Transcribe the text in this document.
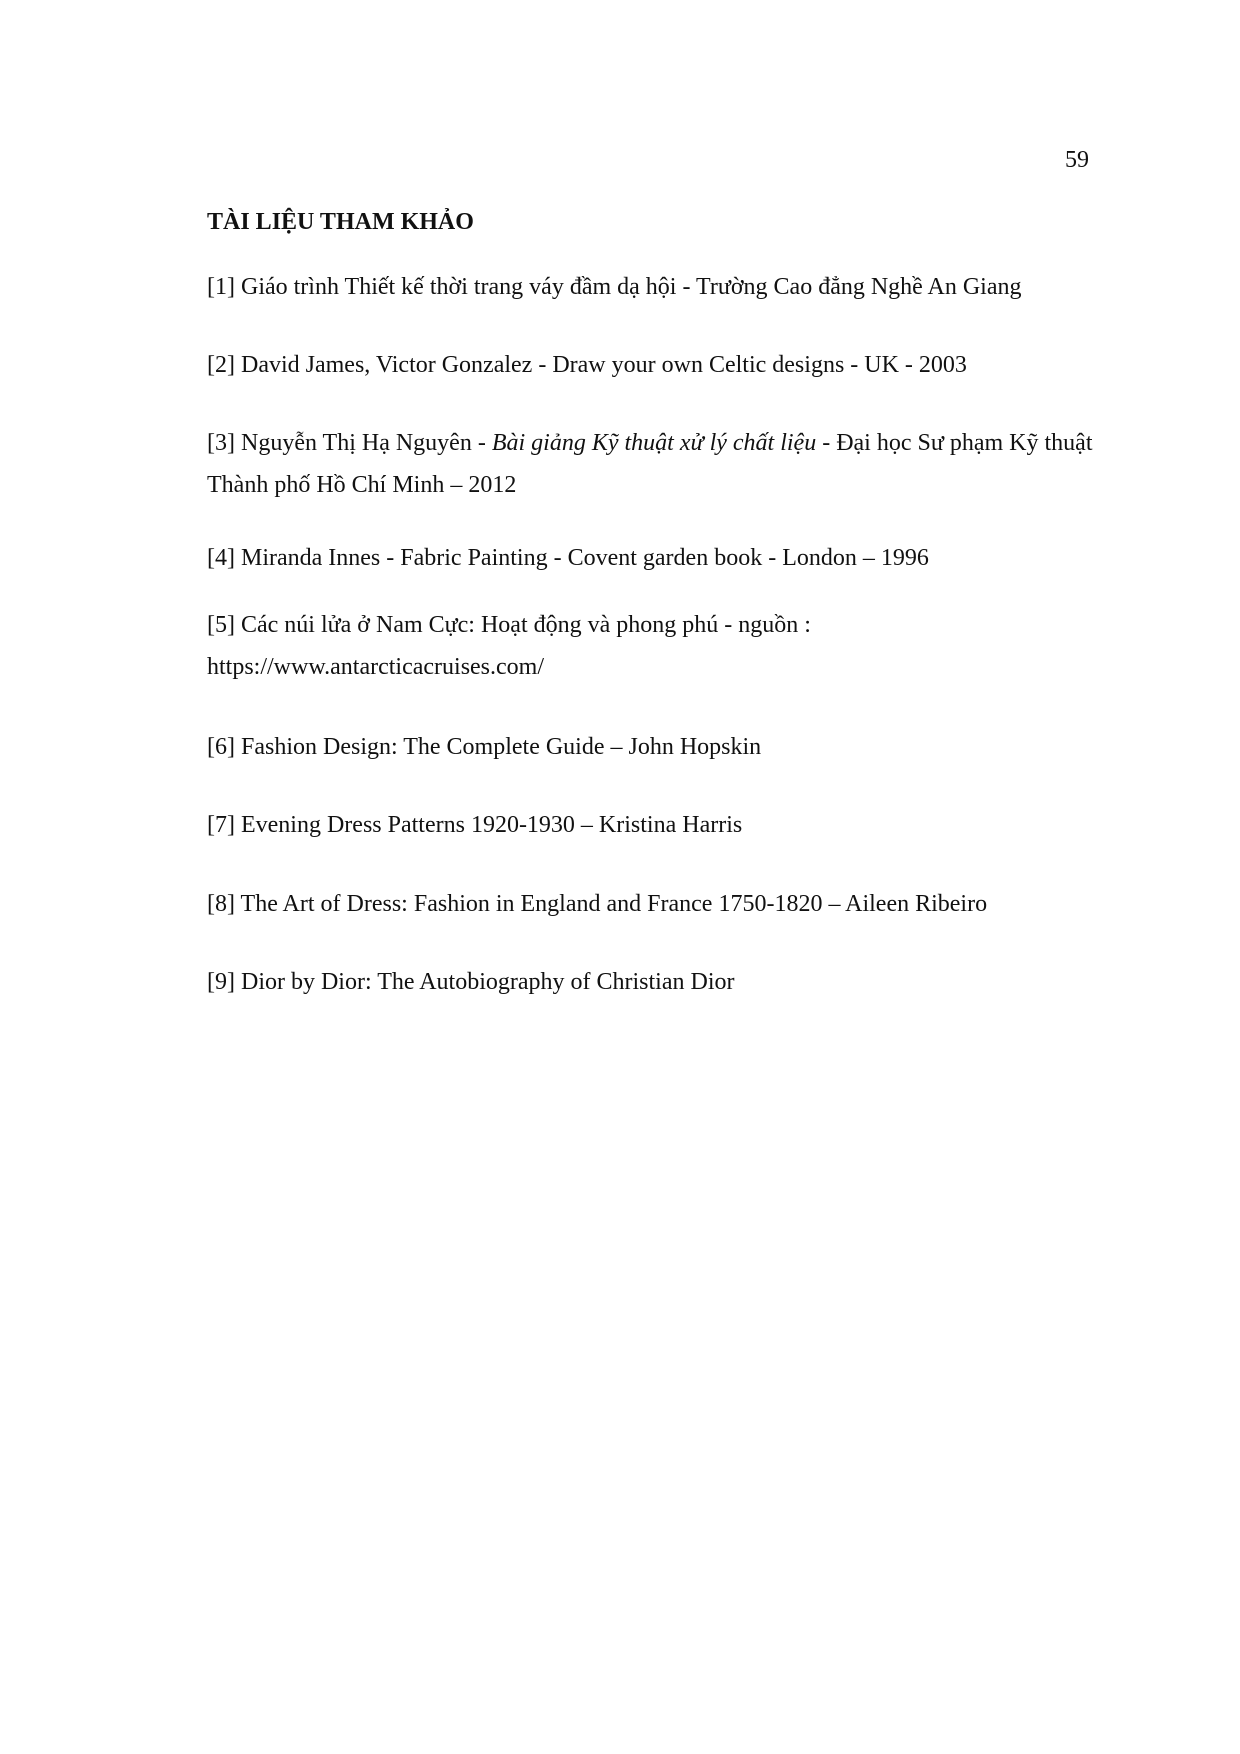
59
TÀI LIỆU THAM KHẢO

[1] Giáo trình Thiết kế thời trang váy đầm dạ hội - Trường Cao đẳng Nghề An Giang

[2] David James, Victor Gonzalez - Draw your own Celtic designs - UK - 2003

[3] Nguyễn Thị Hạ Nguyên - Bài giảng Kỹ thuật xử lý chất liệu - Đại học Sư phạm Kỹ thuật Thành phố Hồ Chí Minh – 2012

[4] Miranda Innes - Fabric Painting - Covent garden book - London – 1996

[5] Các núi lửa ở Nam Cực: Hoạt động và phong phú - nguồn :
https://www.antarcticacruises.com/

[6] Fashion Design: The Complete Guide – John Hopskin

[7] Evening Dress Patterns 1920-1930 – Kristina Harris

[8] The Art of Dress: Fashion in England and France 1750-1820 – Aileen Ribeiro

[9] Dior by Dior: The Autobiography of Christian Dior
